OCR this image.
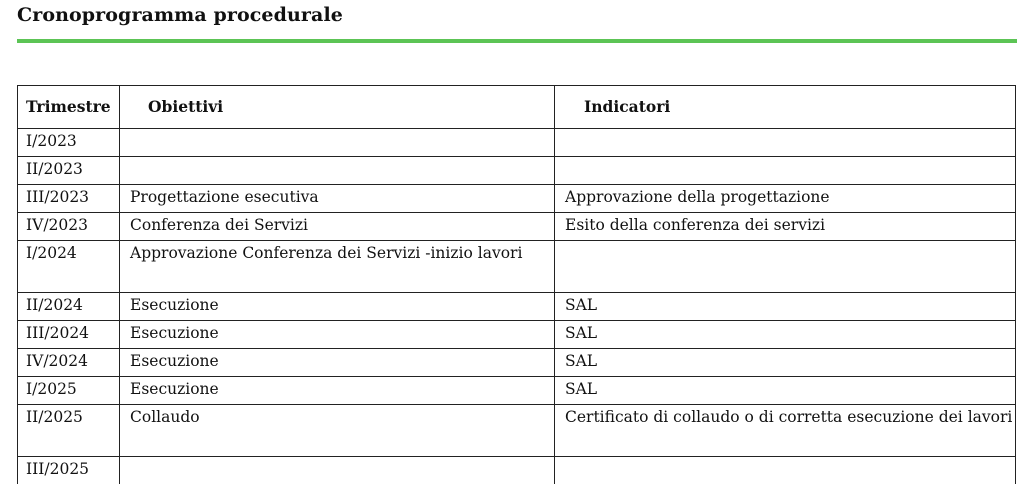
Cronoprogramma procedurale
Trimestre	Obiettivi	Indicatori
I/2023		
II/2023		
III/2023	Progettazione esecutiva	Approvazione della progettazione
IV/2023	Conferenza dei Servizi	Esito della conferenza dei servizi
I/2024	Approvazione Conferenza dei Servizi -inizio lavori	
II/2024	Esecuzione	SAL
III/2024	Esecuzione	SAL
IV/2024	Esecuzione	SAL
I/2025	Esecuzione	SAL
II/2025	Collaudo	Certificato di collaudo o di corretta esecuzione dei lavori
III/2025		
